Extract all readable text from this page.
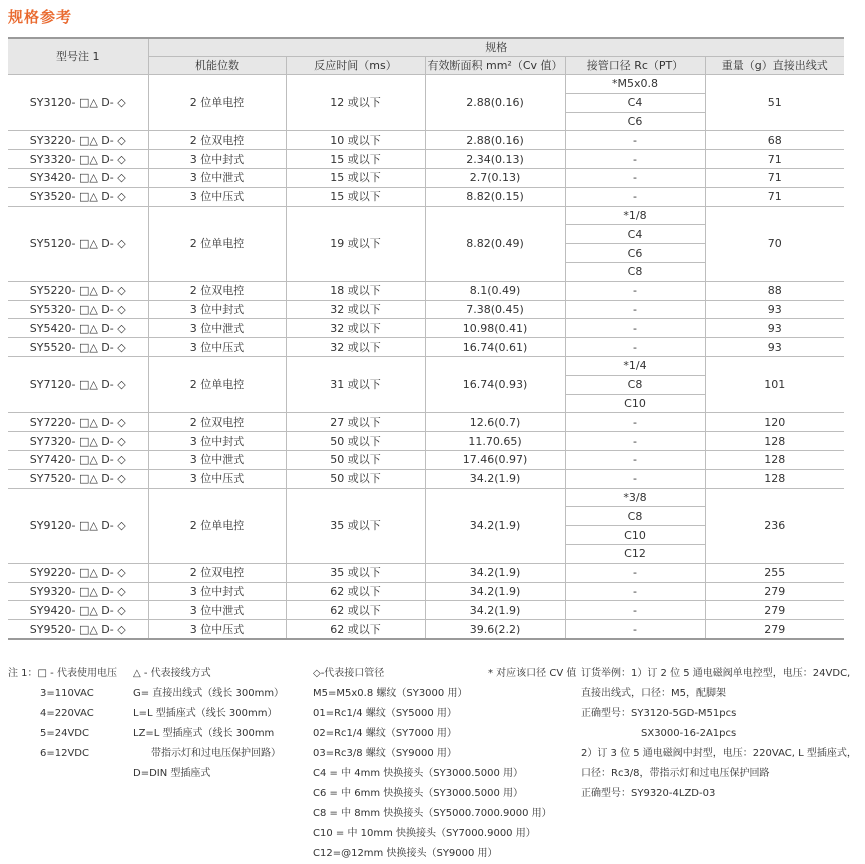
规格参考
型号注 1	规格				
	机能位数	反应时间（ms）	有效断面积 mm²（Cv 值）	接管口径 Rc（PT）	重量（g）直接出线式
SY3120- □△ D- ◇	2 位单电控	12 或以下	2.88(0.16)	*M5x0.8	51
				C4	
				C6	
SY3220- □△ D- ◇	2 位双电控	10 或以下	2.88(0.16)	-	68
SY3320- □△ D- ◇	3 位中封式	15 或以下	2.34(0.13)	-	71
SY3420- □△ D- ◇	3 位中泄式	15 或以下	2.7(0.13)	-	71
SY3520- □△ D- ◇	3 位中压式	15 或以下	8.82(0.15)	-	71
SY5120- □△ D- ◇	2 位单电控	19 或以下	8.82(0.49)	*1/8	70
				C4	
				C6	
				C8	
SY5220- □△ D- ◇	2 位双电控	18 或以下	8.1(0.49)	-	88
SY5320- □△ D- ◇	3 位中封式	32 或以下	7.38(0.45)	-	93
SY5420- □△ D- ◇	3 位中泄式	32 或以下	10.98(0.41)	-	93
SY5520- □△ D- ◇	3 位中压式	32 或以下	16.74(0.61)	-	93
SY7120- □△ D- ◇	2 位单电控	31 或以下	16.74(0.93)	*1/4	101
				C8	
				C10	
SY7220- □△ D- ◇	2 位双电控	27 或以下	12.6(0.7)	-	120
SY7320- □△ D- ◇	3 位中封式	50 或以下	11.70.65)	-	128
SY7420- □△ D- ◇	3 位中泄式	50 或以下	17.46(0.97)	-	128
SY7520- □△ D- ◇	3 位中压式	50 或以下	34.2(1.9)	-	128
SY9120- □△ D- ◇	2 位单电控	35 或以下	34.2(1.9)	*3/8	236
				C8	
				C10	
				C12	
SY9220- □△ D- ◇	2 位双电控	35 或以下	34.2(1.9)	-	255
SY9320- □△ D- ◇	3 位中封式	62 或以下	34.2(1.9)	-	279
SY9420- □△ D- ◇	3 位中泄式	62 或以下	34.2(1.9)	-	279
SY9520- □△ D- ◇	3 位中压式	62 或以下	39.6(2.2)	-	279
注 1：□ - 代表使用电压
3=110VAC
4=220VAC
5=24VDC
6=12VDC
△ - 代表接线方式
G= 直接出线式（线长 300mm）
L=L 型插座式（线长 300mm）
LZ=L 型插座式（线长 300mm
带指示灯和过电压保护回路）
D=DIN 型插座式
◇-代表接口管径
M5=M5x0.8 螺纹（SY3000 用）
01=Rc1/4 螺纹（SY5000 用）
02=Rc1/4 螺纹（SY7000 用）
03=Rc3/8 螺纹（SY9000 用）
C4 = 中 4mm 快换接头（SY3000.5000 用）
C6 = 中 6mm 快换接头（SY3000.5000 用）
C8 = 中 8mm 快换接头（SY5000.7000.9000 用）
C10 = 中 10mm 快换接头（SY7000.9000 用）
C12=@12mm 快换接头（SY9000 用）
* 对应该口径 CV 值 订货举例：1）订 2 位 5 通电磁阀单电控型，电压：24VDC,
直接出线式，口径：M5，配脚架
正确型号：SY3120-5GD-M51pcs
SX3000-16-2A1pcs
2）订 3 位 5 通电磁阀中封型，电压：220VAC, L 型插座式，
口径：Rc3/8，带指示灯和过电压保护回路
正确型号：SY9320-4LZD-03
